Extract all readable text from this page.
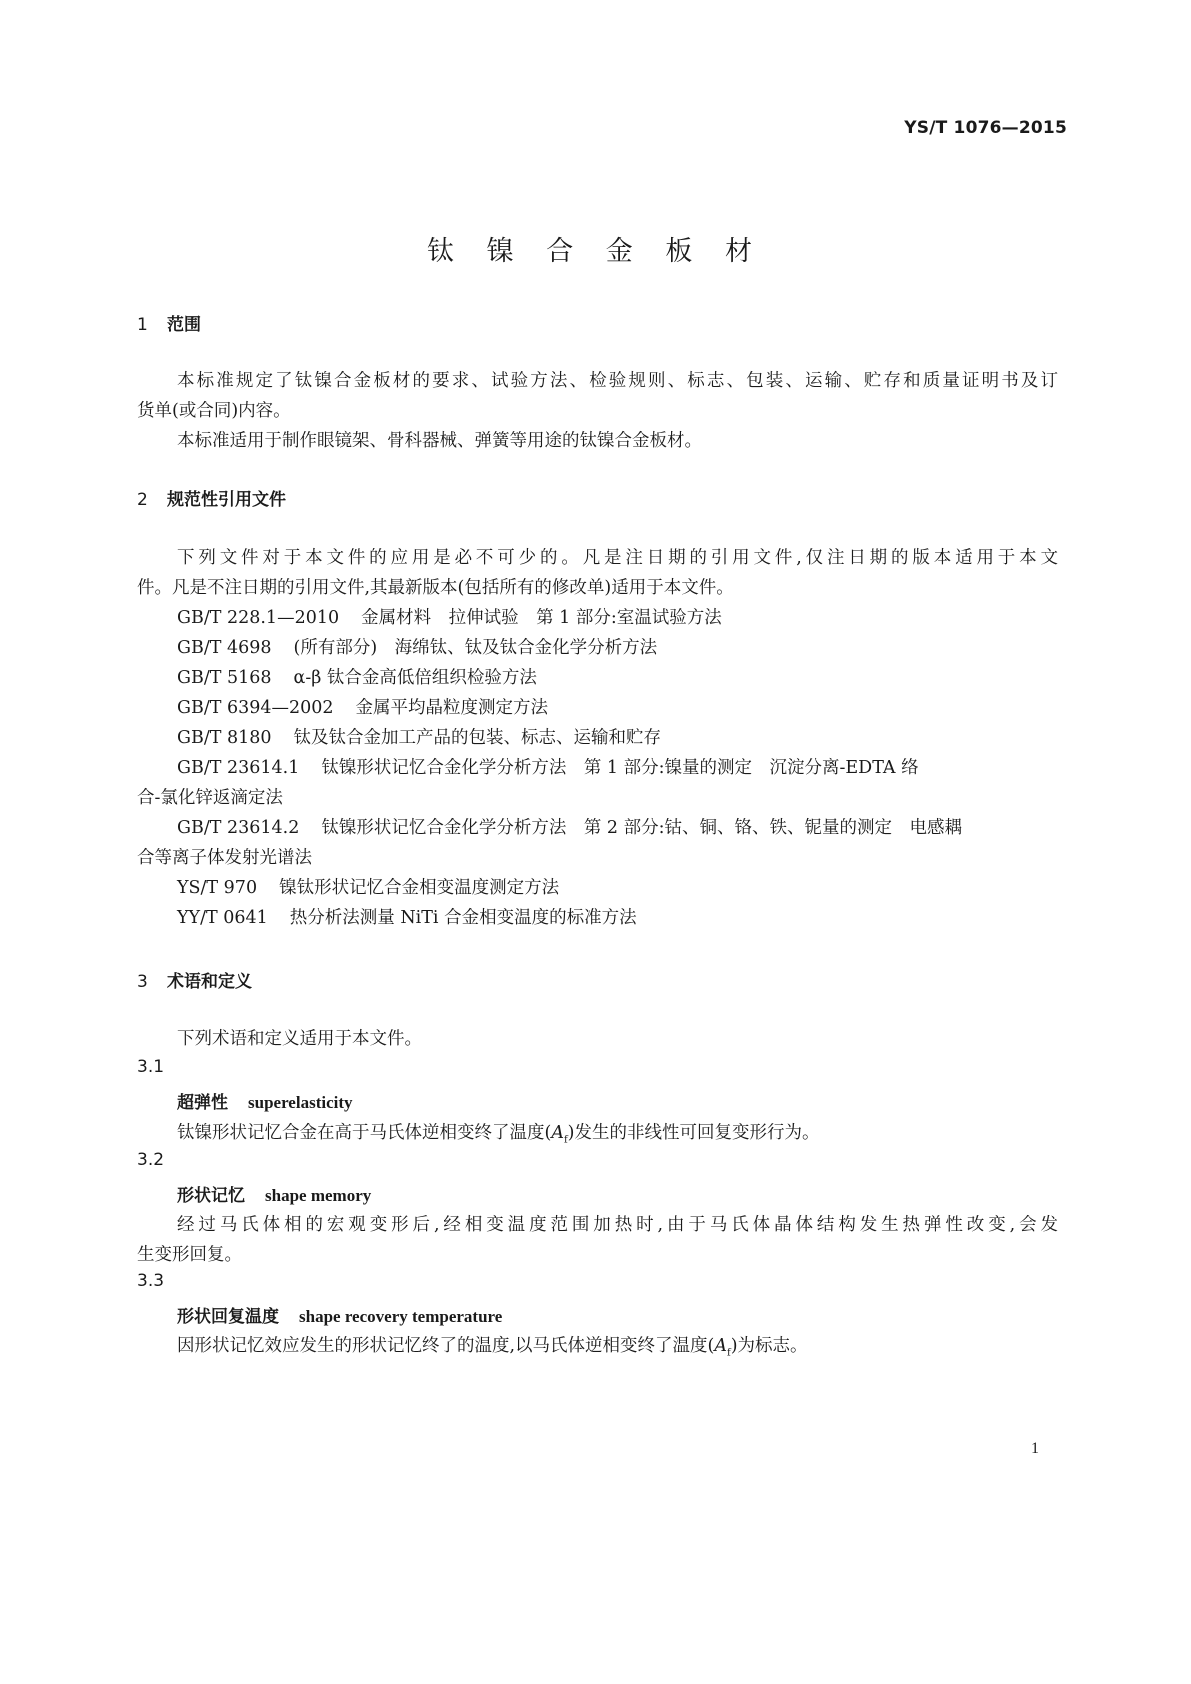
YS/T 1076—2015
钛 镍 合 金 板 材
1 范围
本标准规定了钛镍合金板材的要求、试验方法、检验规则、标志、包装、运输、贮存和质量证明书及订
货单(或合同)内容。
本标准适用于制作眼镜架、骨科器械、弹簧等用途的钛镍合金板材。
2 规范性引用文件
下列文件对于本文件的应用是必不可少的。凡是注日期的引用文件,仅注日期的版本适用于本文
件。凡是不注日期的引用文件,其最新版本(包括所有的修改单)适用于本文件。
GB/T 228.1—2010 金属材料　拉伸试验　第 1 部分:室温试验方法
GB/T 4698 (所有部分)　海绵钛、钛及钛合金化学分析方法
GB/T 5168 α-β 钛合金高低倍组织检验方法
GB/T 6394—2002 金属平均晶粒度测定方法
GB/T 8180 钛及钛合金加工产品的包装、标志、运输和贮存
GB/T 23614.1 钛镍形状记忆合金化学分析方法　第 1 部分:镍量的测定　沉淀分离-EDTA 络
合-氯化锌返滴定法
GB/T 23614.2 钛镍形状记忆合金化学分析方法　第 2 部分:钴、铜、铬、铁、铌量的测定　电感耦
合等离子体发射光谱法
YS/T 970 镍钛形状记忆合金相变温度测定方法
YY/T 0641 热分析法测量 NiTi 合金相变温度的标准方法
3 术语和定义
下列术语和定义适用于本文件。
3.1
超弹性 superelasticity
钛镍形状记忆合金在高于马氏体逆相变终了温度$(A_f)$发生的非线性可回复变形行为。
3.2
形状记忆 shape memory
经过马氏体相的宏观变形后,经相变温度范围加热时,由于马氏体晶体结构发生热弹性改变,会发
生变形回复。
3.3
形状回复温度 shape recovery temperature
因形状记忆效应发生的形状记忆终了的温度,以马氏体逆相变终了温度$(A_f)$为标志。
1
